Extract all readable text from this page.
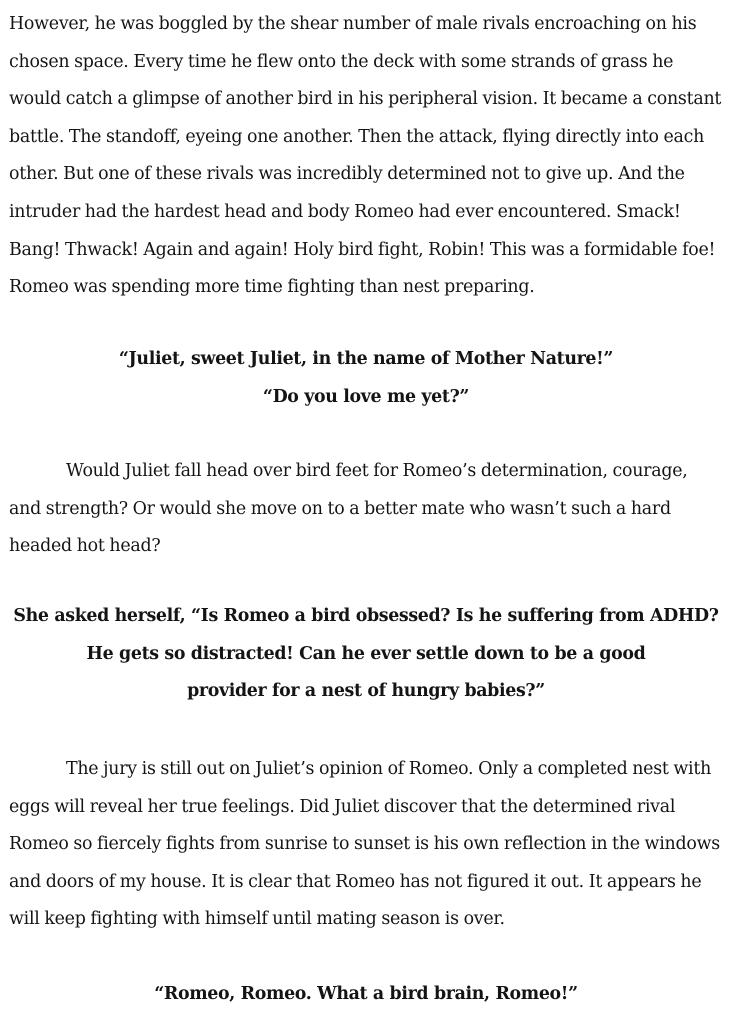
However, he was boggled by the shear number of male rivals encroaching on his chosen space. Every time he flew onto the deck with some strands of grass he would catch a glimpse of another bird in his peripheral vision. It became a constant battle. The standoff, eyeing one another. Then the attack, flying directly into each other. But one of these rivals was incredibly determined not to give up. And the intruder had the hardest head and body Romeo had ever encountered. Smack! Bang! Thwack! Again and again! Holy bird fight, Robin! This was a formidable foe! Romeo was spending more time fighting than nest preparing.

“Juliet, sweet Juliet, in the name of Mother Nature!”
“Do you love me yet?”

Would Juliet fall head over bird feet for Romeo’s determination, courage, and strength? Or would she move on to a better mate who wasn’t such a hard headed hot head?

She asked herself, “Is Romeo a bird obsessed? Is he suffering from ADHD?
He gets so distracted! Can he ever settle down to be a good
provider for a nest of hungry babies?”

The jury is still out on Juliet’s opinion of Romeo. Only a completed nest with eggs will reveal her true feelings. Did Juliet discover that the determined rival Romeo so fiercely fights from sunrise to sunset is his own reflection in the windows and doors of my house. It is clear that Romeo has not figured it out. It appears he will keep fighting with himself until mating season is over.

“Romeo, Romeo. What a bird brain, Romeo!”
